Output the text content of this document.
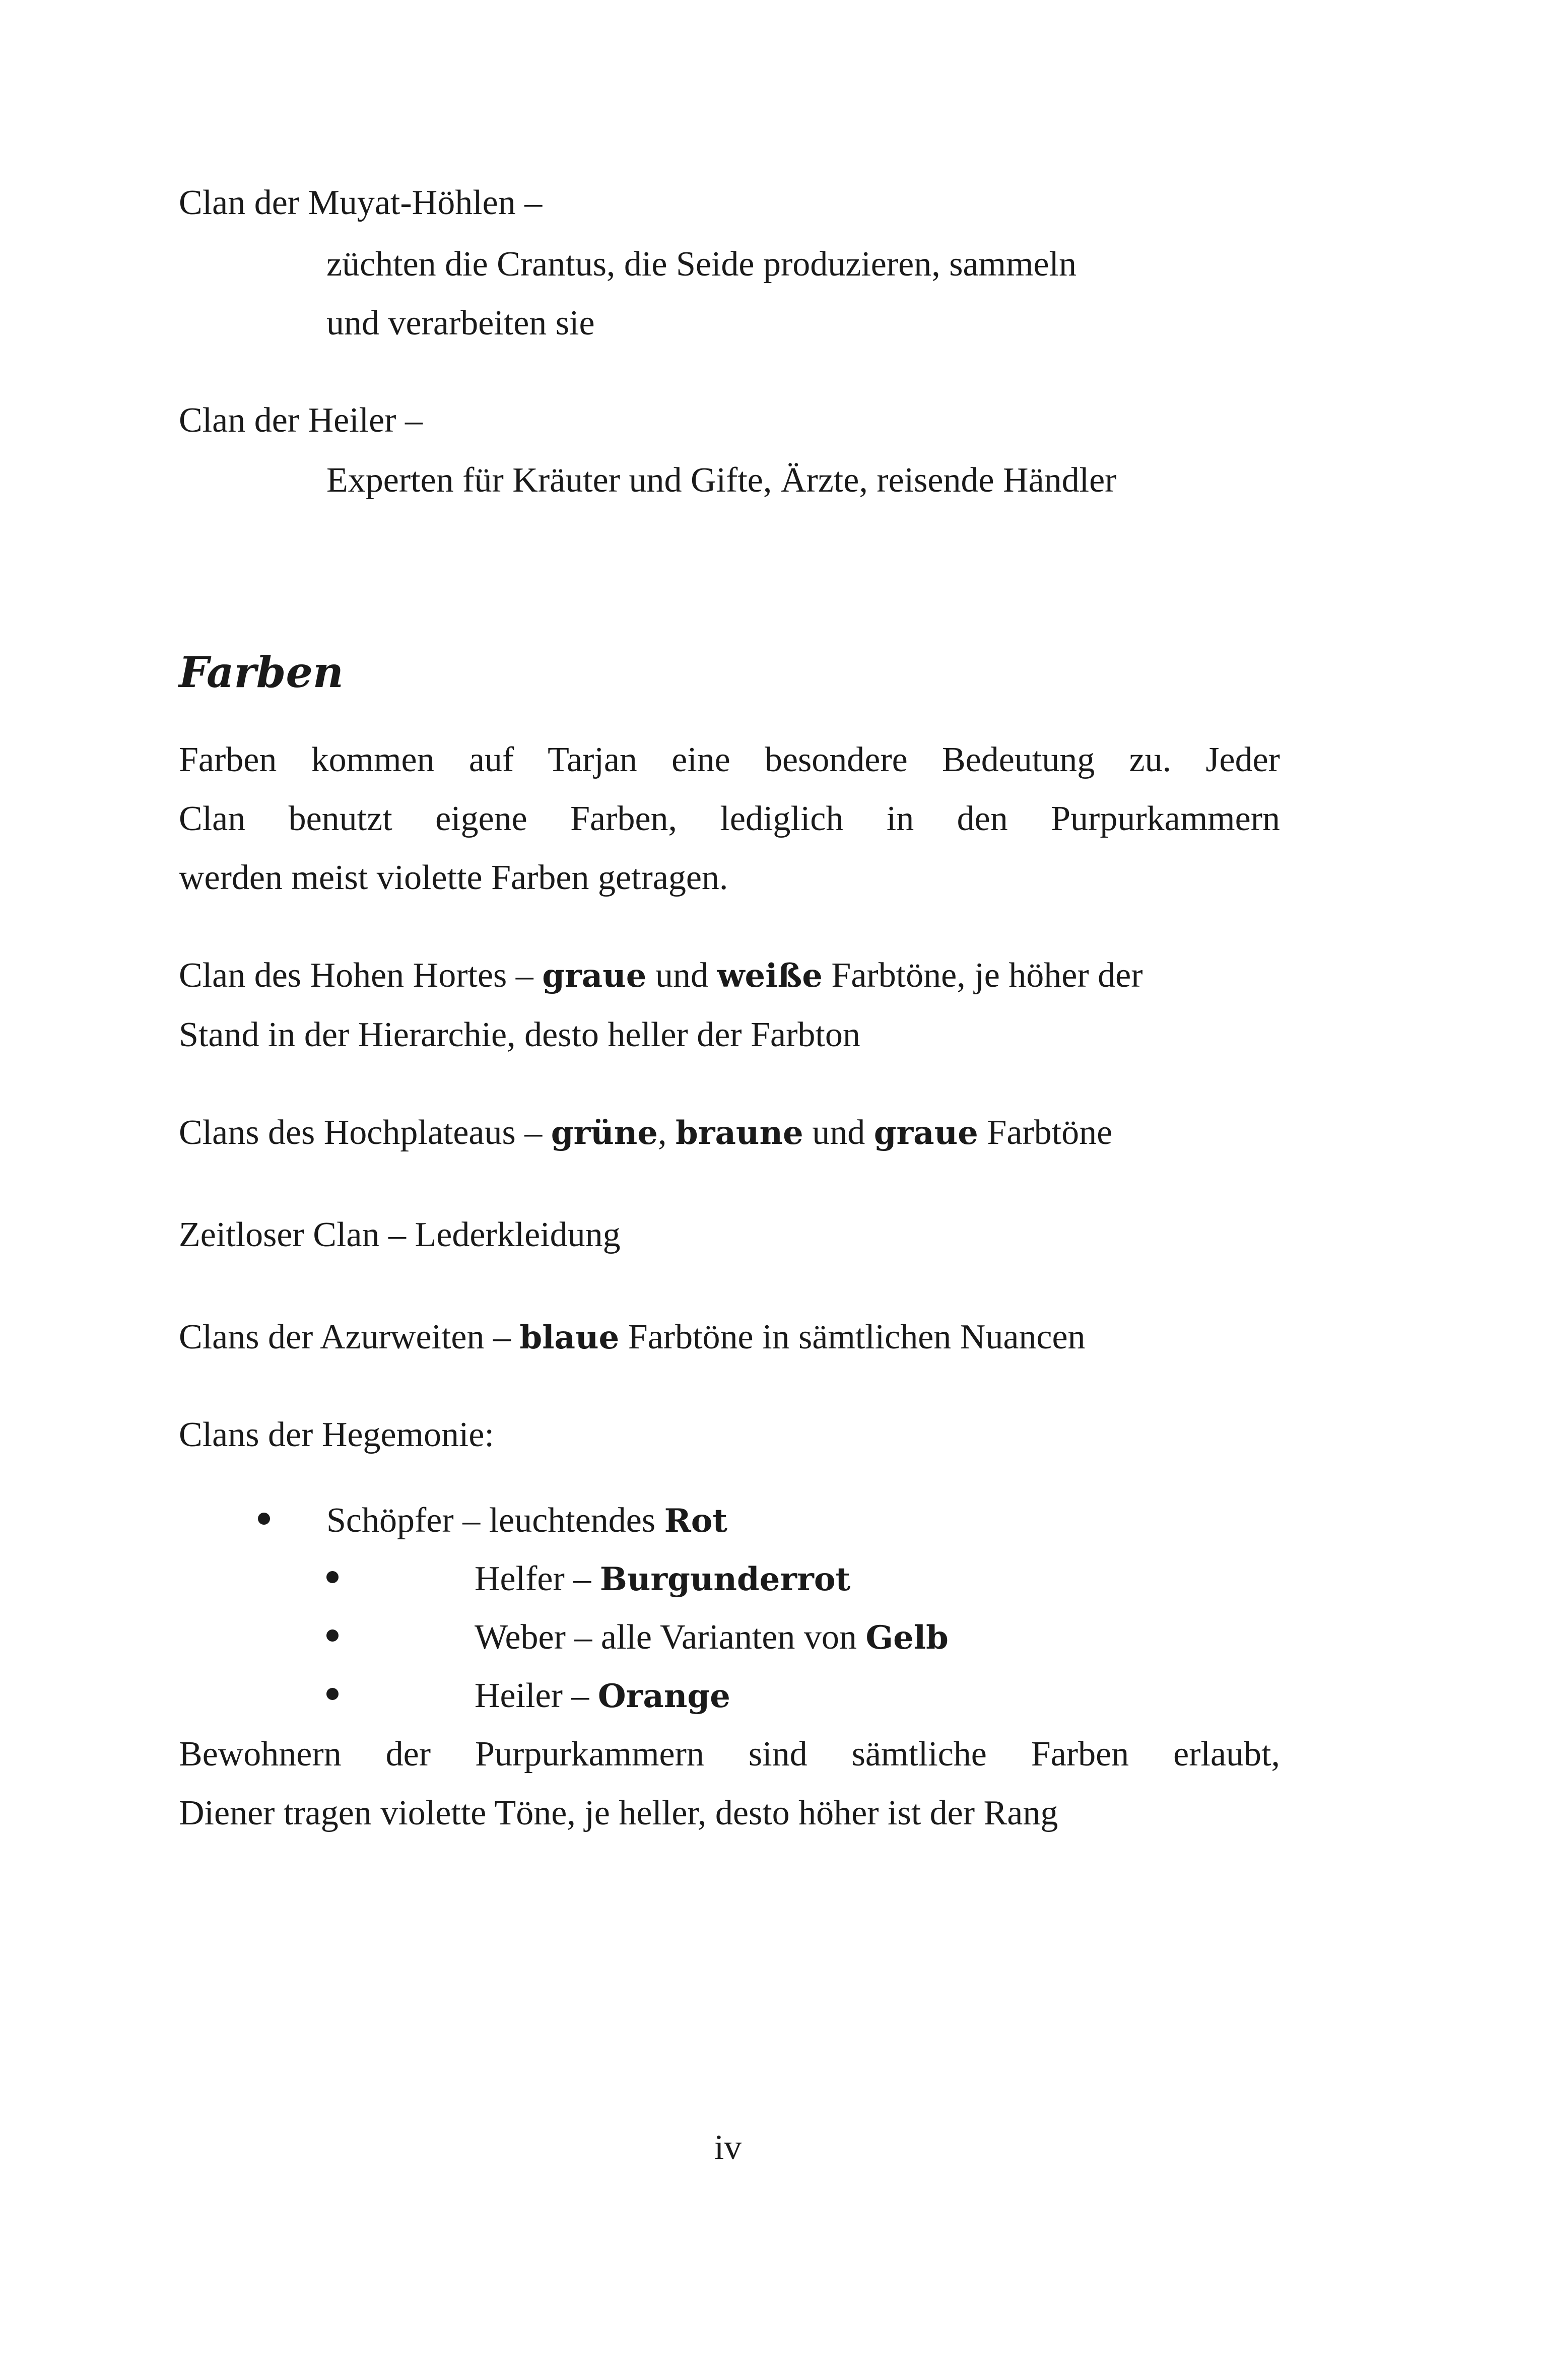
Clan der Muyat-Höhlen –
züchten die Crantus, die Seide produzieren, sammeln
und verarbeiten sie
Clan der Heiler –
Experten für Kräuter und Gifte, Ärzte, reisende Händler
Farben
Farben kommen auf Tarjan eine besondere Bedeutung zu. Jeder
Clan benutzt eigene Farben, lediglich in den Purpurkammern
werden meist violette Farben getragen.
Clan des Hohen Hortes – graue und weiße Farbtöne, je höher der
Stand in der Hierarchie, desto heller der Farbton
Clans des Hochplateaus – grüne, braune und graue Farbtöne
Zeitloser Clan – Lederkleidung
Clans der Azurweiten – blaue Farbtöne in sämtlichen Nuancen
Clans der Hegemonie:
Schöpfer – leuchtendes Rot
Helfer – Burgunderrot
Weber – alle Varianten von Gelb
Heiler – Orange
Bewohnern der Purpurkammern sind sämtliche Farben erlaubt,
Diener tragen violette Töne, je heller, desto höher ist der Rang
iv
